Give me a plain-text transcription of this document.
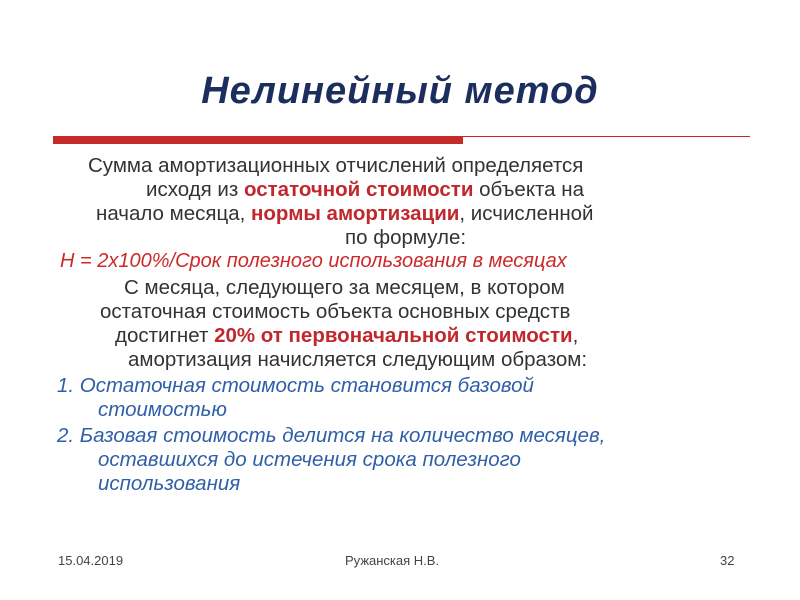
Нелинейный метод
Сумма амортизационных отчислений определяется
исходя из остаточной стоимости объекта на
начало месяца, нормы амортизации, исчисленной
по формуле:
Н = 2х100%/Срок полезного использования в месяцах
С месяца, следующего за месяцем, в котором
остаточная стоимость объекта основных средств
достигнет 20% от первоначальной стоимости,
амортизация начисляется следующим образом:
1. Остаточная стоимость становится базовой
стоимостью
2. Базовая стоимость делится на количество месяцев,
оставшихся до истечения срока полезного
использования
15.04.2019	Ружанская Н.В.	32
